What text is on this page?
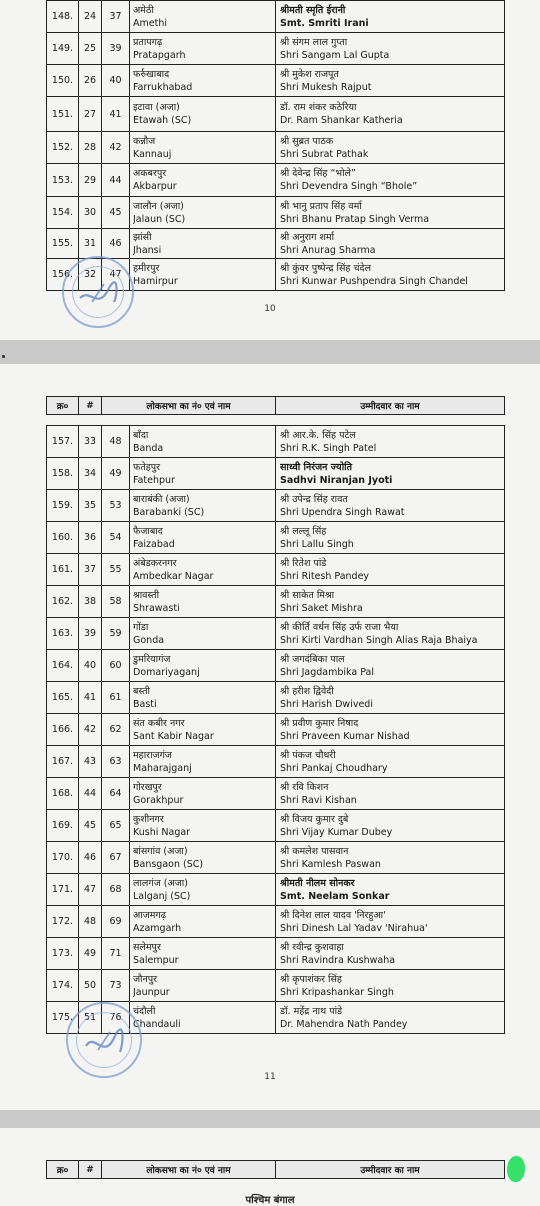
148.	24	37	अमेठी
Amethi	श्रीमती स्मृति ईरानी
Smt. Smriti Irani

149.	25	39	प्रतापगढ़
Pratapgarh	श्री संगम लाल गुप्ता
Shri Sangam Lal Gupta

150.	26	40	फर्रुखाबाद
Farrukhabad	श्री मुकेश राजपूत
Shri Mukesh Rajput

151.	27	41	इटावा (अजा)
Etawah (SC)	डॉ. राम शंकर कठेरिया
Dr. Ram Shankar Katheria

152.	28	42	कन्नौज
Kannauj	श्री सुब्रत पाठक
Shri Subrat Pathak

153.	29	44	अकबरपुर
Akbarpur	श्री देवेन्द्र सिंह “भोले”
Shri Devendra Singh “Bhole”

154.	30	45	जालौन (अजा)
Jalaun (SC)	श्री भानु प्रताप सिंह वर्मा
Shri Bhanu Pratap Singh Verma

155.	31	46	झांसी
Jhansi	श्री अनुराग शर्मा
Shri Anurag Sharma

156.	32	47	हमीरपुर
Hamirpur	श्री कुंवर पुष्पेन्द्र सिंह चंदेल
Shri Kunwar Pushpendra Singh Chandel
10
क्र०	#	लोकसभा का नं० एवं नाम	उम्मीदवार का नाम
157.	33	48	बाँदा
Banda	श्री आर.के. सिंह पटेल
Shri R.K. Singh Patel

158.	34	49	फतेहपुर
Fatehpur	साध्वी निरंजन ज्योति
Sadhvi Niranjan Jyoti

159.	35	53	बाराबंकी (अजा)
Barabanki (SC)	श्री उपेन्द्र सिंह रावत
Shri Upendra Singh Rawat

160.	36	54	फैजाबाद
Faizabad	श्री लल्लू सिंह
Shri Lallu Singh

161.	37	55	अंबेडकरनगर
Ambedkar Nagar	श्री रितेश पांडे
Shri Ritesh Pandey

162.	38	58	श्रावस्ती
Shrawasti	श्री साकेत मिश्रा
Shri Saket Mishra

163.	39	59	गोंडा
Gonda	श्री कीर्ति वर्धन सिंह उर्फ राजा भैया
Shri Kirti Vardhan Singh Alias Raja Bhaiya

164.	40	60	डुमरियागंज
Domariyaganj	श्री जगदंबिका पाल
Shri Jagdambika Pal

165.	41	61	बस्ती
Basti	श्री हरीश द्विवेदी
Shri Harish Dwivedi

166.	42	62	संत कबीर नगर
Sant Kabir Nagar	श्री प्रवीण कुमार निषाद
Shri Praveen Kumar Nishad

167.	43	63	महाराजगंज
Maharajganj	श्री पंकज चौधरी
Shri Pankaj Choudhary

168.	44	64	गोरखपुर
Gorakhpur	श्री रवि किशन
Shri Ravi Kishan

169.	45	65	कुशीनगर
Kushi Nagar	श्री विजय कुमार दुबे
Shri Vijay Kumar Dubey

170.	46	67	बांसगांव (अजा)
Bansgaon (SC)	श्री कमलेश पासवान
Shri Kamlesh Paswan

171.	47	68	लालगंज (अजा)
Lalganj (SC)	श्रीमती नीलम सोनकर
Smt. Neelam Sonkar

172.	48	69	आजमगढ़
Azamgarh	श्री दिनेश लाल यादव 'निरहुआ'
Shri Dinesh Lal Yadav 'Nirahua'

173.	49	71	सलेमपुर
Salempur	श्री रवीन्द्र कुशवाहा
Shri Ravindra Kushwaha

174.	50	73	जौनपुर
Jaunpur	श्री कृपाशंकर सिंह
Shri Kripashankar Singh

175.	51	76	चंदौली
Chandauli	डॉ. महेंद्र नाथ पांडे
Dr. Mahendra Nath Pandey
11
क्र०	#	लोकसभा का नं० एवं नाम	उम्मीदवार का नाम
पश्चिम बंगाल
